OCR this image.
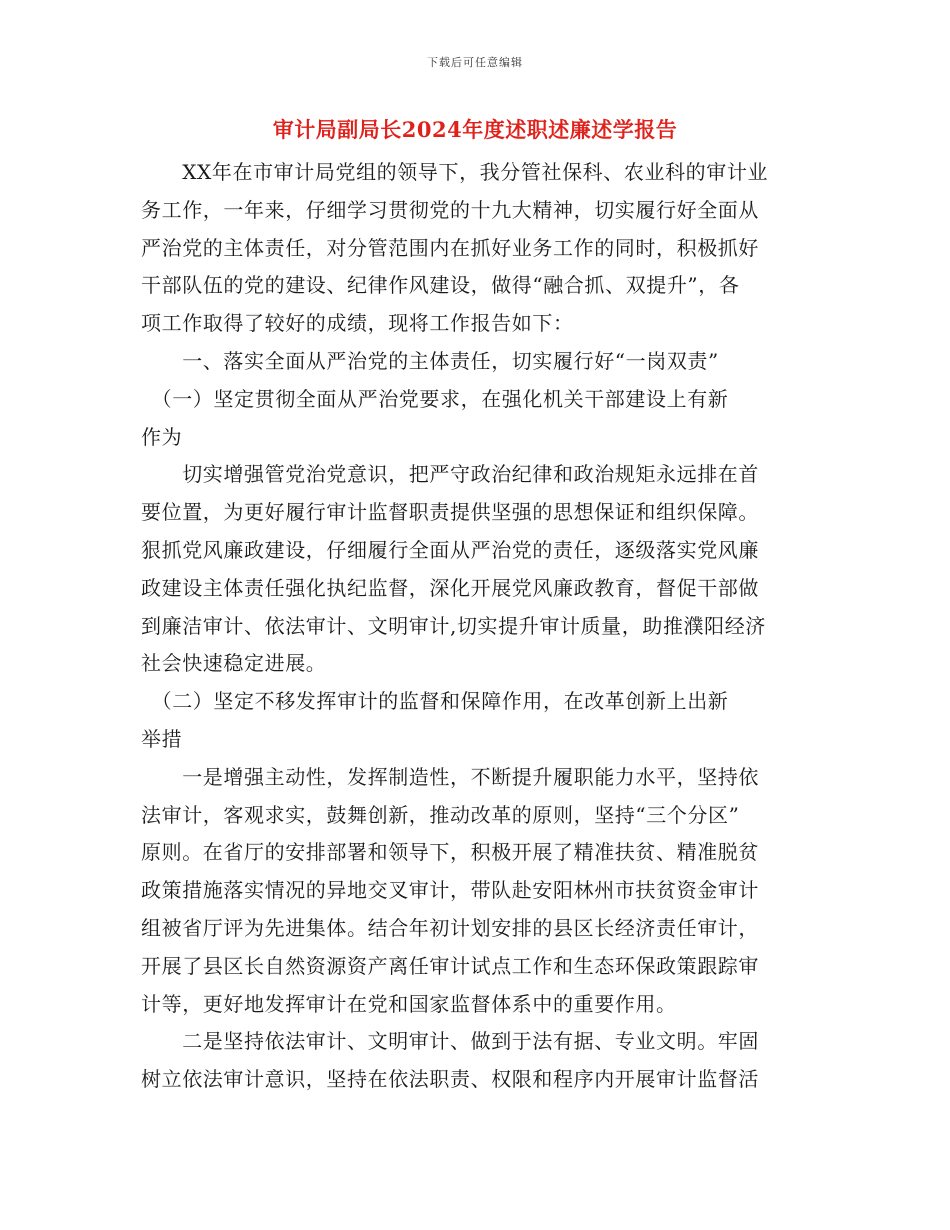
下载后可任意编辑
审计局副局长2024年度述职述廉述学报告
　　XX年在市审计局党组的领导下，我分管社保科、农业科的审计业
务工作，一年来，仔细学习贯彻党的十九大精神，切实履行好全面从
严治党的主体责任，对分管范围内在抓好业务工作的同时，积极抓好
干部队伍的党的建设、纪律作风建设，做得“融合抓、双提升”，各
项工作取得了较好的成绩，现将工作报告如下：
　　一、落实全面从严治党的主体责任，切实履行好“一岗双责”
　（一）坚定贯彻全面从严治党要求，在强化机关干部建设上有新
作为
　　切实增强管党治党意识，把严守政治纪律和政治规矩永远排在首
要位置，为更好履行审计监督职责提供坚强的思想保证和组织保障。
狠抓党风廉政建设，仔细履行全面从严治党的责任，逐级落实党风廉
政建设主体责任强化执纪监督，深化开展党风廉政教育，督促干部做
到廉洁审计、依法审计、文明审计,切实提升审计质量，助推濮阳经济
社会快速稳定进展。
　（二）坚定不移发挥审计的监督和保障作用，在改革创新上出新
举措
　　一是增强主动性，发挥制造性，不断提升履职能力水平，坚持依
法审计，客观求实，鼓舞创新，推动改革的原则，坚持“三个分区”
原则。在省厅的安排部署和领导下，积极开展了精准扶贫、精准脱贫
政策措施落实情况的异地交叉审计，带队赴安阳林州市扶贫资金审计
组被省厅评为先进集体。结合年初计划安排的县区长经济责任审计，
开展了县区长自然资源资产离任审计试点工作和生态环保政策跟踪审
计等，更好地发挥审计在党和国家监督体系中的重要作用。
　　二是坚持依法审计、文明审计、做到于法有据、专业文明。牢固
树立依法审计意识，坚持在依法职责、权限和程序内开展审计监督活
